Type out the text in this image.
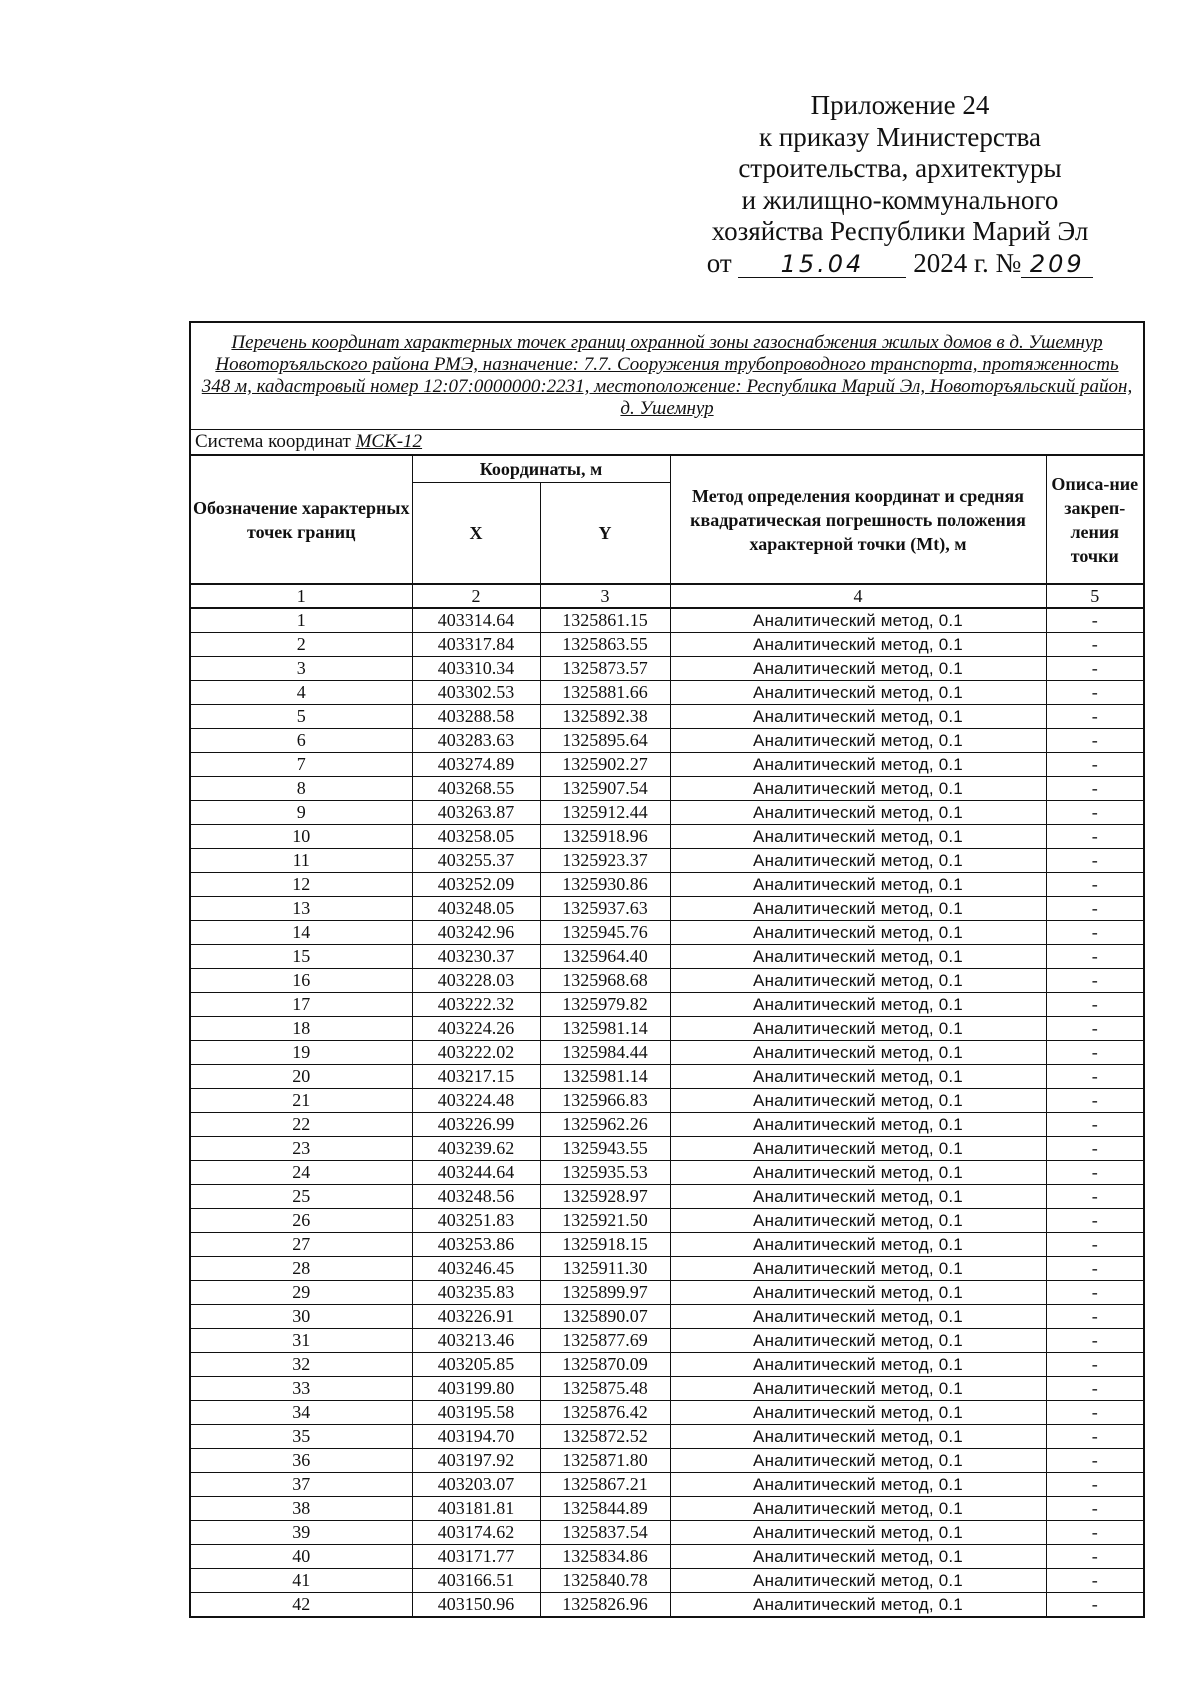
Приложение 24
к приказу Министерства
строительства, архитектуры
и жилищно-коммунального
хозяйства Республики Марий Эл
от 15.04 2024 г. № 209
Перечень координат характерных точек границ охранной зоны газоснабжения жилых домов в д. Ушемнур Новоторъяльского района РМЭ, назначение: 7.7. Сооружения трубопроводного транспорта, протяженность 348 м, кадастровый номер 12:07:0000000:2231, местоположение: Республика Марий Эл, Новоторъяльский район, д. Ушемнур				
Система координат МСК-12				
Обозначение характерных точек границ	Координаты, м		Метод определения координат и средняя квадратическая погрешность положения характерной точки (Mt), м	Описа-ние закреп-ления точки
	X	Y		
1	2	3	4	5
1	403314.64	1325861.15	Аналитический метод, 0.1	-
2	403317.84	1325863.55	Аналитический метод, 0.1	-
3	403310.34	1325873.57	Аналитический метод, 0.1	-
4	403302.53	1325881.66	Аналитический метод, 0.1	-
5	403288.58	1325892.38	Аналитический метод, 0.1	-
6	403283.63	1325895.64	Аналитический метод, 0.1	-
7	403274.89	1325902.27	Аналитический метод, 0.1	-
8	403268.55	1325907.54	Аналитический метод, 0.1	-
9	403263.87	1325912.44	Аналитический метод, 0.1	-
10	403258.05	1325918.96	Аналитический метод, 0.1	-
11	403255.37	1325923.37	Аналитический метод, 0.1	-
12	403252.09	1325930.86	Аналитический метод, 0.1	-
13	403248.05	1325937.63	Аналитический метод, 0.1	-
14	403242.96	1325945.76	Аналитический метод, 0.1	-
15	403230.37	1325964.40	Аналитический метод, 0.1	-
16	403228.03	1325968.68	Аналитический метод, 0.1	-
17	403222.32	1325979.82	Аналитический метод, 0.1	-
18	403224.26	1325981.14	Аналитический метод, 0.1	-
19	403222.02	1325984.44	Аналитический метод, 0.1	-
20	403217.15	1325981.14	Аналитический метод, 0.1	-
21	403224.48	1325966.83	Аналитический метод, 0.1	-
22	403226.99	1325962.26	Аналитический метод, 0.1	-
23	403239.62	1325943.55	Аналитический метод, 0.1	-
24	403244.64	1325935.53	Аналитический метод, 0.1	-
25	403248.56	1325928.97	Аналитический метод, 0.1	-
26	403251.83	1325921.50	Аналитический метод, 0.1	-
27	403253.86	1325918.15	Аналитический метод, 0.1	-
28	403246.45	1325911.30	Аналитический метод, 0.1	-
29	403235.83	1325899.97	Аналитический метод, 0.1	-
30	403226.91	1325890.07	Аналитический метод, 0.1	-
31	403213.46	1325877.69	Аналитический метод, 0.1	-
32	403205.85	1325870.09	Аналитический метод, 0.1	-
33	403199.80	1325875.48	Аналитический метод, 0.1	-
34	403195.58	1325876.42	Аналитический метод, 0.1	-
35	403194.70	1325872.52	Аналитический метод, 0.1	-
36	403197.92	1325871.80	Аналитический метод, 0.1	-
37	403203.07	1325867.21	Аналитический метод, 0.1	-
38	403181.81	1325844.89	Аналитический метод, 0.1	-
39	403174.62	1325837.54	Аналитический метод, 0.1	-
40	403171.77	1325834.86	Аналитический метод, 0.1	-
41	403166.51	1325840.78	Аналитический метод, 0.1	-
42	403150.96	1325826.96	Аналитический метод, 0.1	-
